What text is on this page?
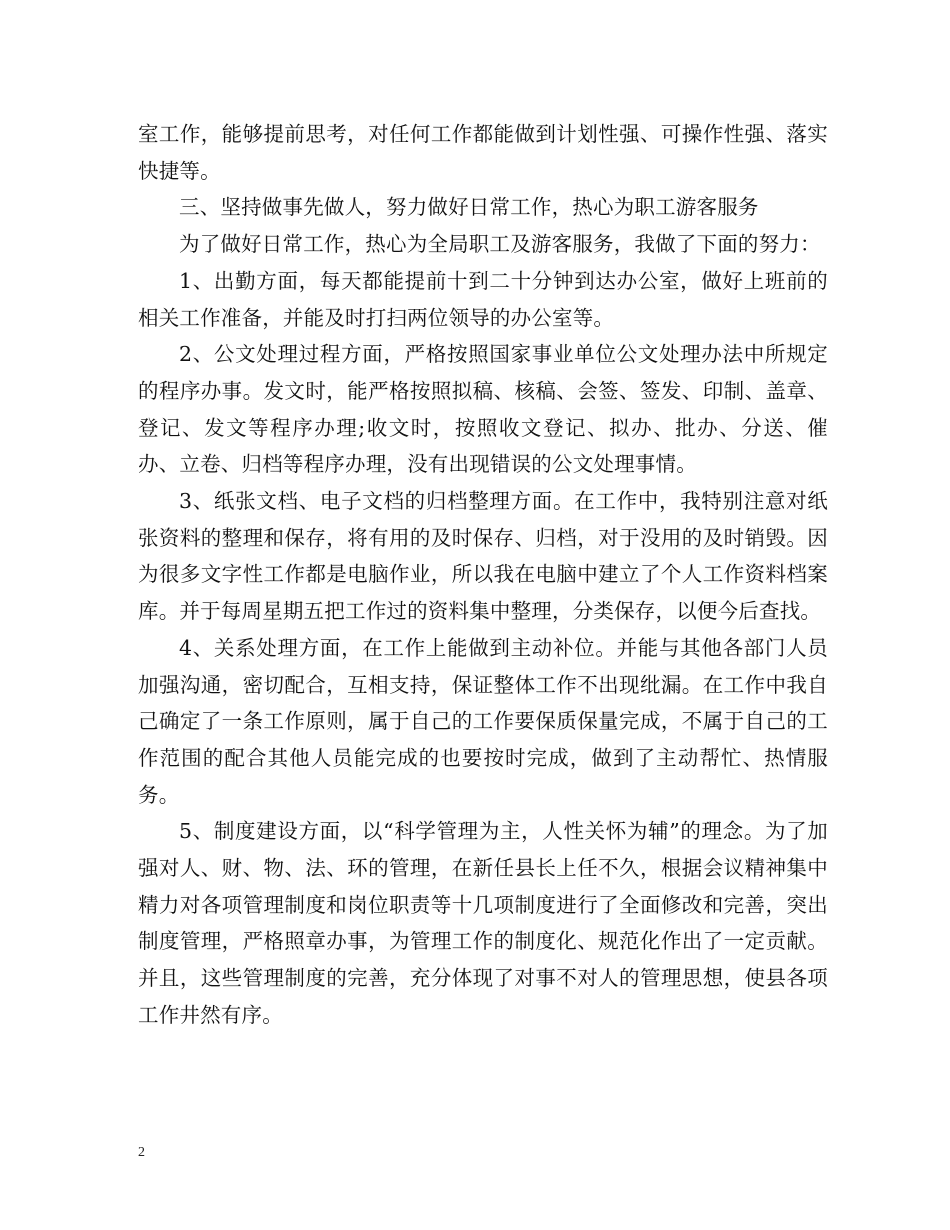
室工作，能够提前思考，对任何工作都能做到计划性强、可操作性强、落实快捷等。

三、坚持做事先做人，努力做好日常工作，热心为职工游客服务

为了做好日常工作，热心为全局职工及游客服务，我做了下面的努力：

1、出勤方面，每天都能提前十到二十分钟到达办公室，做好上班前的相关工作准备，并能及时打扫两位领导的办公室等。

2、公文处理过程方面，严格按照国家事业单位公文处理办法中所规定的程序办事。发文时，能严格按照拟稿、核稿、会签、签发、印制、盖章、登记、发文等程序办理;收文时，按照收文登记、拟办、批办、分送、催办、立卷、归档等程序办理，没有出现错误的公文处理事情。

3、纸张文档、电子文档的归档整理方面。在工作中，我特别注意对纸张资料的整理和保存，将有用的及时保存、归档，对于没用的及时销毁。因为很多文字性工作都是电脑作业，所以我在电脑中建立了个人工作资料档案库。并于每周星期五把工作过的资料集中整理，分类保存，以便今后查找。

4、关系处理方面，在工作上能做到主动补位。并能与其他各部门人员加强沟通，密切配合，互相支持，保证整体工作不出现纰漏。在工作中我自己确定了一条工作原则，属于自己的工作要保质保量完成，不属于自己的工作范围的配合其他人员能完成的也要按时完成，做到了主动帮忙、热情服务。

5、制度建设方面，以“科学管理为主，人性关怀为辅”的理念。为了加强对人、财、物、法、环的管理，在新任县长上任不久，根据会议精神集中精力对各项管理制度和岗位职责等十几项制度进行了全面修改和完善，突出制度管理，严格照章办事，为管理工作的制度化、规范化作出了一定贡献。并且，这些管理制度的完善，充分体现了对事不对人的管理思想，使县各项工作井然有序。

2
